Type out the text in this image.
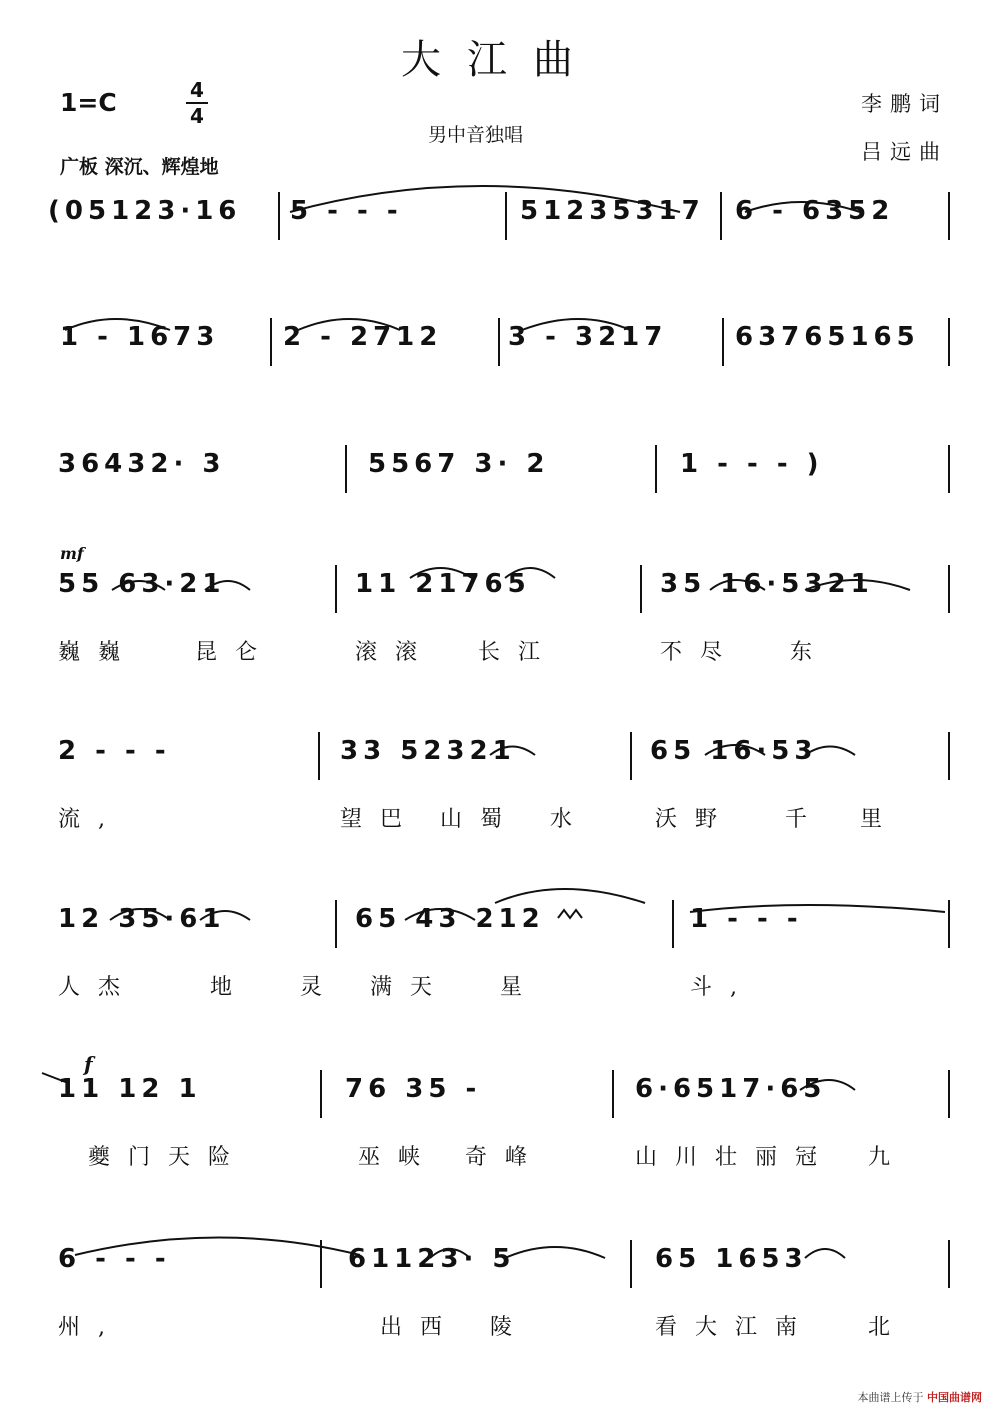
大江曲
1=C	4
4
广板 深沉、辉煌地
男中音独唱
李鹏词
吕远曲
mf
f
(05123·16 5 - - -	51235317 6 - 6352
1 - 1673 2 - 2712	3 - 3217	63765165
36432· 3	5567 3· 2	1 - - - )
55 63·21	11 21765	35 16·5321
巍巍	昆仑	滚滚 长江	不尽 东
2 - - -	33 52321	65 16·53
流,	望巴 山蜀 水	沃野 千 里
12 35·61	65 43 212	1 - - -
人杰	地 灵 满天 星	斗,
11 12 1	76 35 -	6·6517·65
夔门天险	巫峡 奇峰	山川壮丽冠 九
6 - - -	61123· 5	65 1653
州,	出西 陵	看大江南 北
本曲谱上传于 中国曲谱网
